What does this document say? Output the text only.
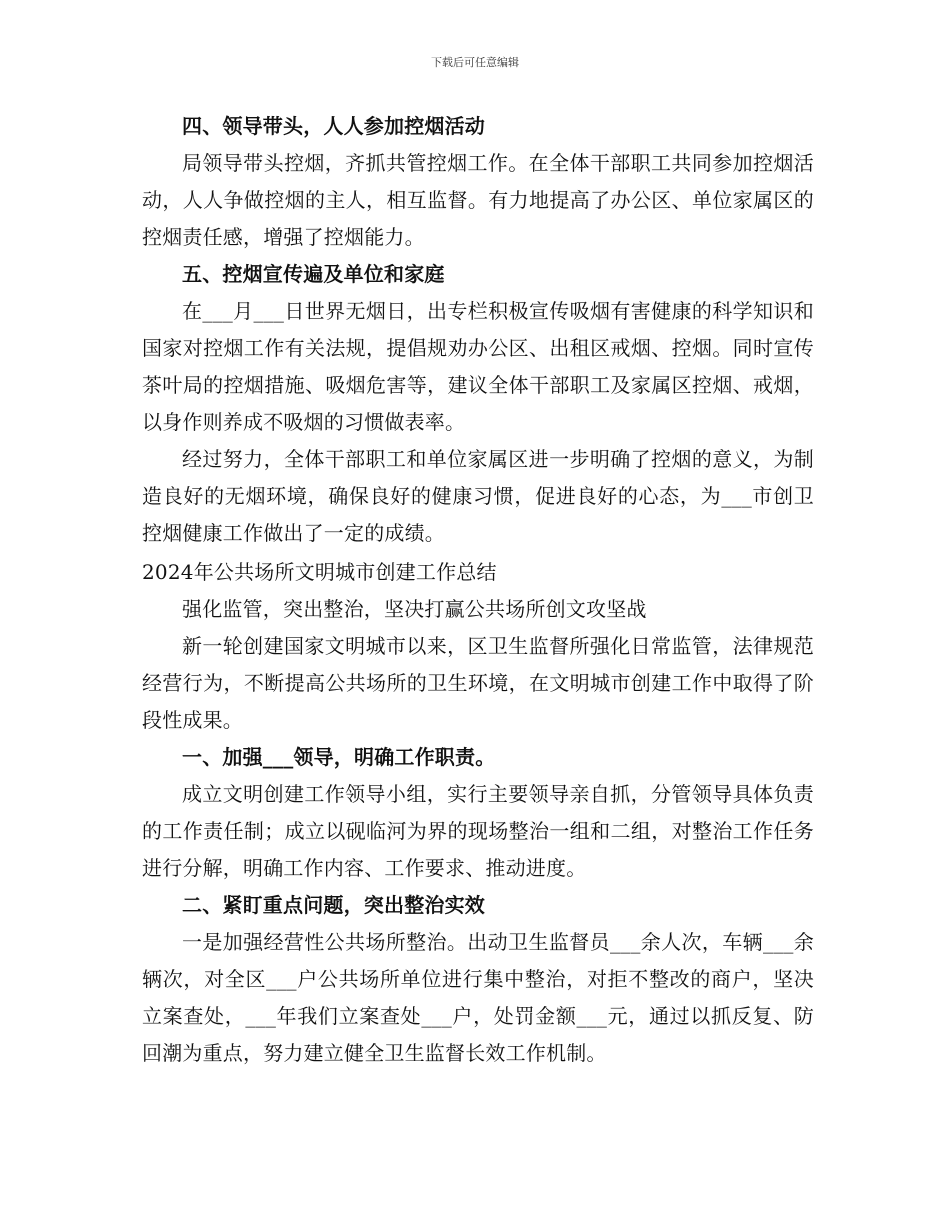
下载后可任意编辑

四、领导带头，人人参加控烟活动

局领导带头控烟，齐抓共管控烟工作。在全体干部职工共同参加控烟活动，人人争做控烟的主人，相互监督。有力地提高了办公区、单位家属区的控烟责任感，增强了控烟能力。

五、控烟宣传遍及单位和家庭

在___月___日世界无烟日，出专栏积极宣传吸烟有害健康的科学知识和国家对控烟工作有关法规，提倡规劝办公区、出租区戒烟、控烟。同时宣传茶叶局的控烟措施、吸烟危害等，建议全体干部职工及家属区控烟、戒烟，以身作则养成不吸烟的习惯做表率。

经过努力，全体干部职工和单位家属区进一步明确了控烟的意义，为制造良好的无烟环境，确保良好的健康习惯，促进良好的心态，为___市创卫控烟健康工作做出了一定的成绩。

2024年公共场所文明城市创建工作总结

强化监管，突出整治，坚决打赢公共场所创文攻坚战

新一轮创建国家文明城市以来，区卫生监督所强化日常监管，法律规范经营行为，不断提高公共场所的卫生环境，在文明城市创建工作中取得了阶段性成果。

一、加强___领导，明确工作职责。

成立文明创建工作领导小组，实行主要领导亲自抓，分管领导具体负责的工作责任制；成立以砚临河为界的现场整治一组和二组，对整治工作任务进行分解，明确工作内容、工作要求、推动进度。

二、紧盯重点问题，突出整治实效

一是加强经营性公共场所整治。出动卫生监督员___余人次，车辆___余辆次，对全区___户公共场所单位进行集中整治，对拒不整改的商户，坚决立案查处，___年我们立案查处___户，处罚金额___元，通过以抓反复、防回潮为重点，努力建立健全卫生监督长效工作机制。
